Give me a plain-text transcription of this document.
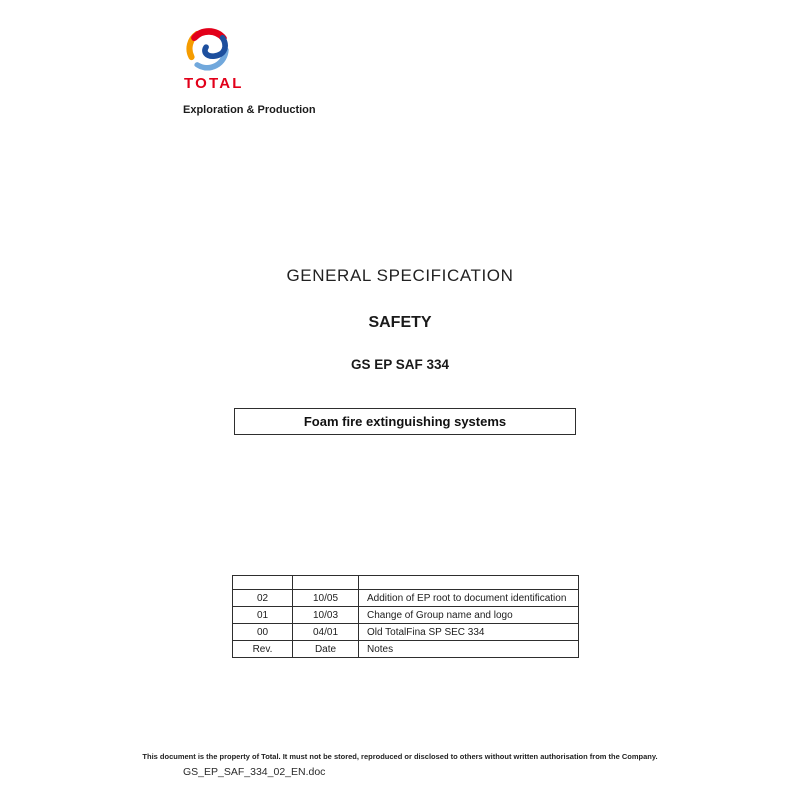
TOTAL
Exploration & Production
GENERAL SPECIFICATION
SAFETY
GS EP SAF 334
Foam fire extinguishing systems

02	10/05	Addition of EP root to document identification
01	10/03	Change of Group name and logo
00	04/01	Old TotalFina SP SEC 334
Rev.	Date	Notes
This document is the property of Total. It must not be stored, reproduced or disclosed to others without written authorisation from the Company.
GS_EP_SAF_334_02_EN.doc
